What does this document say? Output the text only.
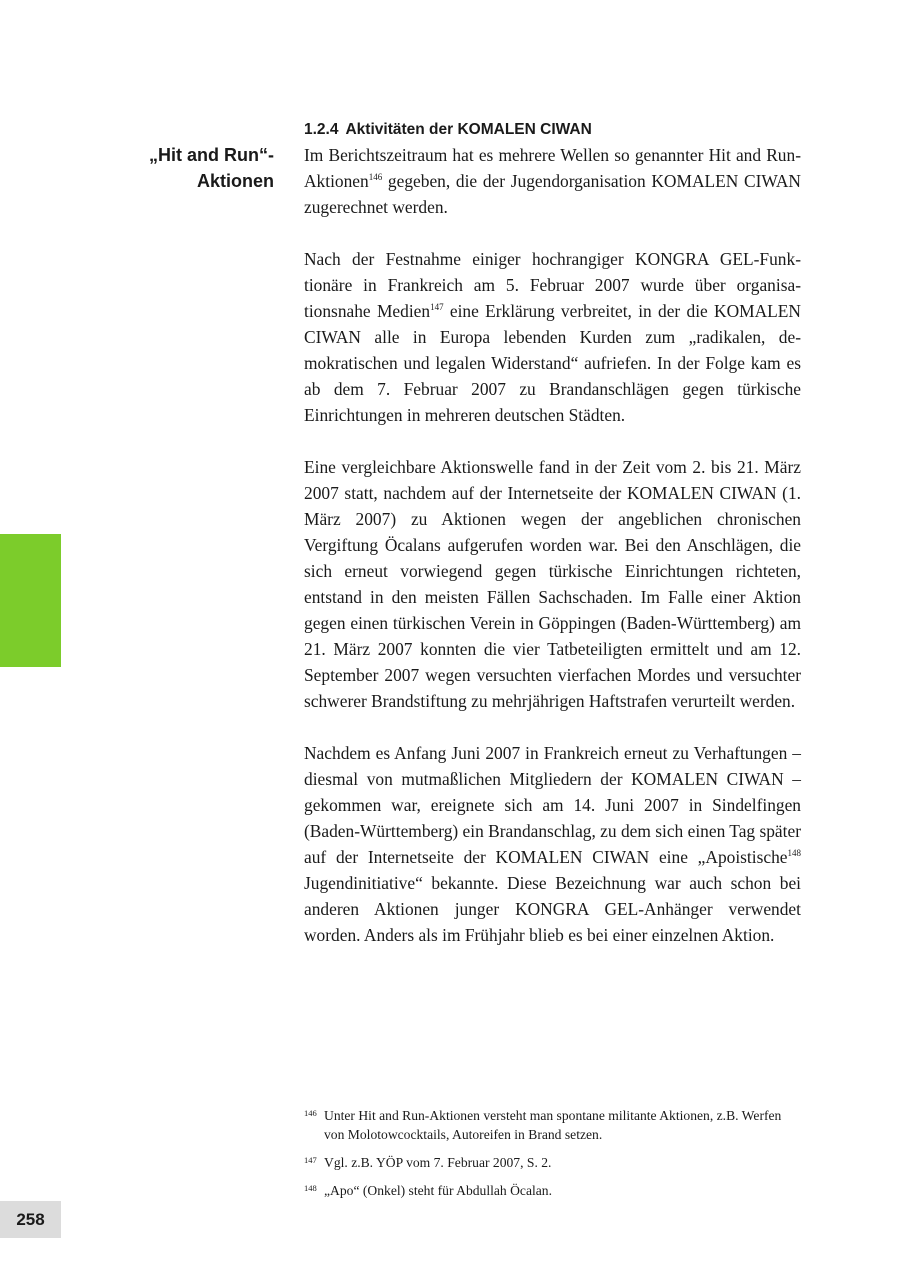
„Hit and Run“-
Aktionen
1.2.4 Aktivitäten der KOMALEN CIWAN

Im Berichtszeitraum hat es mehrere Wellen so genannter Hit and Run-Aktionen$^{146}$ gegeben, die der Jugendorganisation KOMALEN CIWAN zugerechnet werden.

Nach der Festnahme einiger hochrangiger KONGRA GEL-Funktionäre in Frankreich am 5. Februar 2007 wurde über organisationsnahe Medien$^{147}$ eine Erklärung verbreitet, in der die KOMALEN CIWAN alle in Europa lebenden Kurden zum „radikalen, demokratischen und legalen Widerstand“ aufriefen. In der Folge kam es ab dem 7. Februar 2007 zu Brandanschlägen gegen türkische Einrichtungen in mehreren deutschen Städten.

Eine vergleichbare Aktionswelle fand in der Zeit vom 2. bis 21. März 2007 statt, nachdem auf der Internetseite der KOMALEN CIWAN (1. März 2007) zu Aktionen wegen der angeblichen chronischen Vergiftung Öcalans aufgerufen worden war. Bei den Anschlägen, die sich erneut vorwiegend gegen türkische Einrichtungen richteten, entstand in den meisten Fällen Sachschaden. Im Falle einer Aktion gegen einen türkischen Verein in Göppingen (Baden-Württemberg) am 21. März 2007 konnten die vier Tatbeteiligten ermittelt und am 12. September 2007 wegen versuchten vierfachen Mordes und versuchter schwerer Brandstiftung zu mehrjährigen Haftstrafen verurteilt werden.

Nachdem es Anfang Juni 2007 in Frankreich erneut zu Verhaftungen – diesmal von mutmaßlichen Mitgliedern der KOMALEN CIWAN – gekommen war, ereignete sich am 14. Juni 2007 in Sindelfingen (Baden-Württemberg) ein Brandanschlag, zu dem sich einen Tag später auf der Internetseite der KOMALEN CIWAN eine „Apoistische$^{148}$ Jugendinitiative“ bekannte. Diese Bezeichnung war auch schon bei anderen Aktionen junger KONGRA GEL-Anhänger verwendet worden. Anders als im Frühjahr blieb es bei einer einzelnen Aktion.

146 Unter Hit and Run-Aktionen versteht man spontane militante Aktionen, z.B. Werfen von Molotowcocktails, Autoreifen in Brand setzen.
147 Vgl. z.B. YÖP vom 7. Februar 2007, S. 2.
148 „Apo“ (Onkel) steht für Abdullah Öcalan.
258
